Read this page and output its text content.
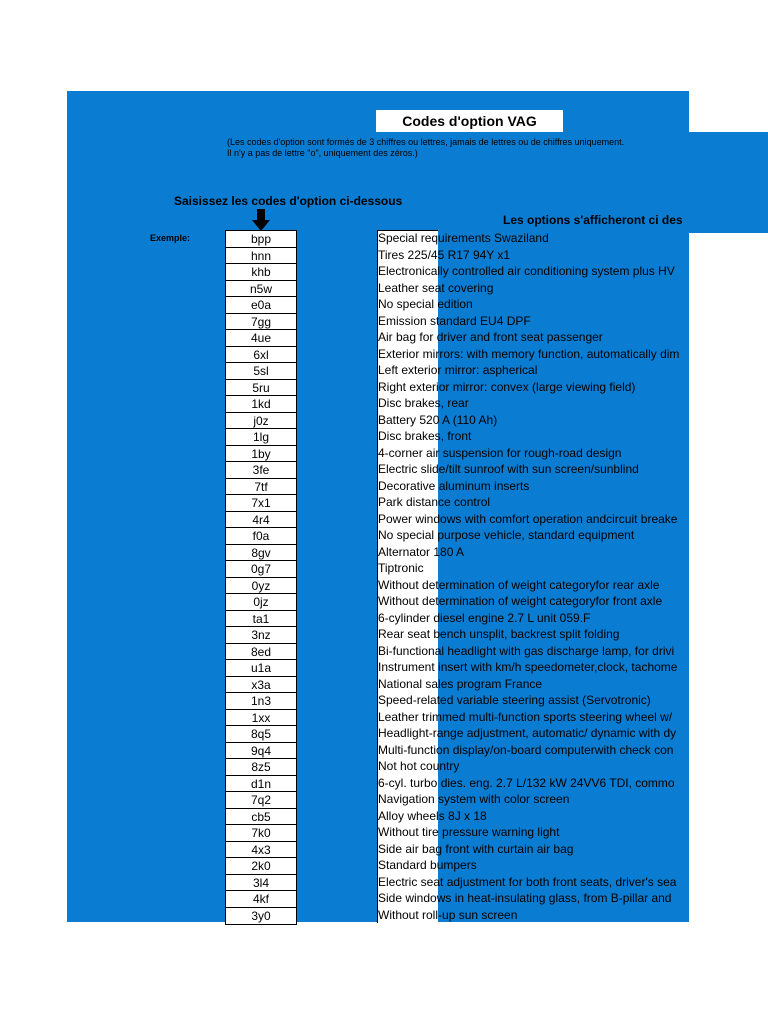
Codes d'option VAG
(Les codes d'option sont formés de 3 chiffres ou lettres, jamais de lettres ou de chiffres uniquement.
Il n'y a pas de lettre "o", uniquement des zéros.)
Saisissez les codes d'option ci-dessous
Les options s'afficheront ci des
Exemple:	bpp
hnn
khb
n5w
e0a
7gg
4ue
6xl
5sl
5ru
1kd
j0z
1lg
1by
3fe
7tf
7x1
4r4
f0a
8gv
0g7
0yz
0jz
ta1
3nz
8ed
u1a
x3a
1n3
1xx
8q5
9q4
8z5
d1n
7q2
cb5
7k0
4x3
2k0
3l4
4kf
3y0
Special requirements Swaziland
Tires 225/45 R17 94Y x1
Electronically controlled air conditioning system plus HV
Leather seat covering
No special edition
Emission standard EU4 DPF
Air bag for driver and front seat passenger
Exterior mirrors: with memory function, automatically dim
Left exterior mirror: aspherical
Right exterior mirror: convex (large viewing field)
Disc brakes, rear
Battery 520 A (110 Ah)
Disc brakes, front
4-corner air suspension for rough-road design
Electric slide/tilt sunroof with sun screen/sunblind
Decorative aluminum inserts
Park distance control
Power windows with comfort operation andcircuit breake
No special purpose vehicle, standard equipment
Alternator 180 A
Tiptronic
Without determination of weight categoryfor rear axle
Without determination of weight categoryfor front axle
6-cylinder diesel engine 2.7 L unit 059.F
Rear seat bench unsplit, backrest split folding
Bi-functional headlight with gas discharge lamp, for drivi
Instrument insert with km/h speedometer,clock, tachome
National sales program France
Speed-related variable steering assist (Servotronic)
Leather trimmed multi-function sports steering wheel w/
Headlight-range adjustment, automatic/ dynamic with dy
Multi-function display/on-board computerwith check con
Not hot country
6-cyl. turbo dies. eng. 2.7 L/132 kW 24VV6 TDI, commo
Navigation system with color screen
Alloy wheels 8J x 18
Without tire pressure warning light
Side air bag front with curtain air bag
Standard bumpers
Electric seat adjustment for both front seats, driver's sea
Side windows in heat-insulating glass, from B-pillar and
Without roll-up sun screen
